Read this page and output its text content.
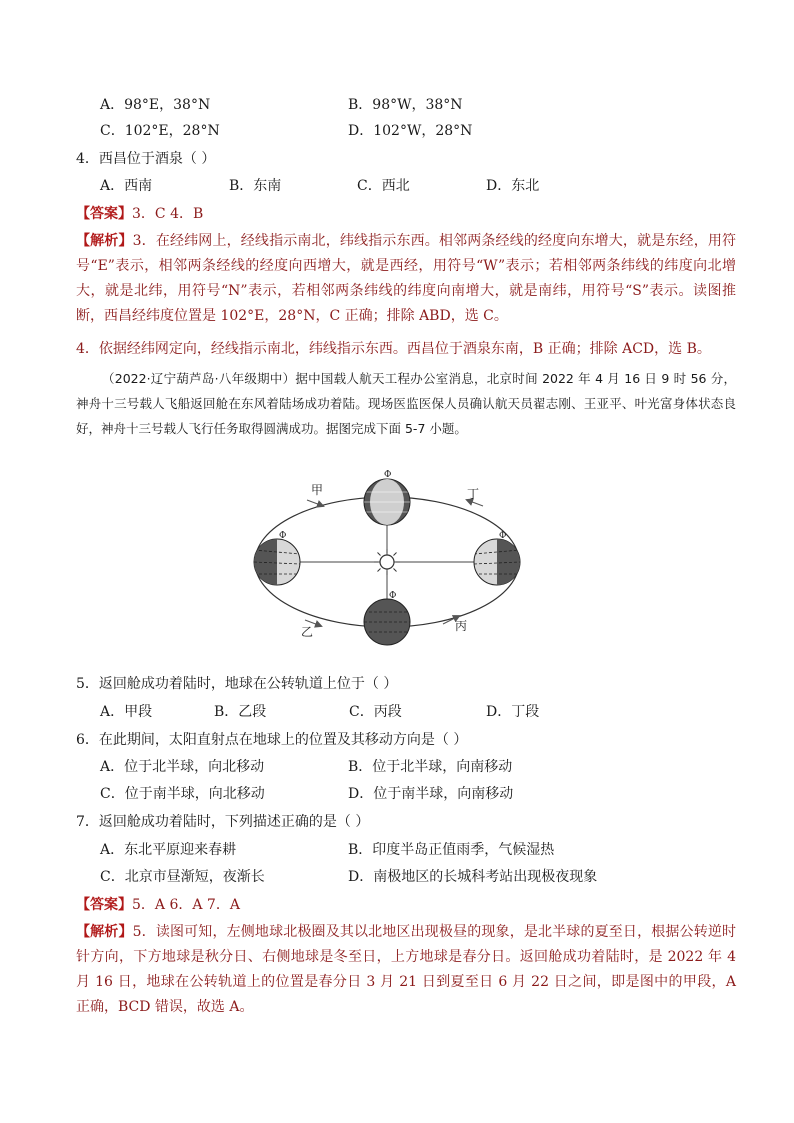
A．98°E，38°N	B．98°W，38°N
C．102°E，28°N	D．102°W，28°N
4．西昌位于酒泉（ ）
A．西南	B．东南	C．西北	D．东北
【答案】3．C 4．B
【解析】3．在经纬网上，经线指示南北，纬线指示东西。相邻两条经线的经度向东增大，就是东经，用符号“E”表示，相邻两条经线的经度向西增大，就是西经，用符号“W”表示；若相邻两条纬线的纬度向北增大，就是北纬，用符号“N”表示，若相邻两条纬线的纬度向南增大，就是南纬，用符号“S”表示。读图推断，西昌经纬度位置是 102°E，28°N，C 正确；排除 ABD，选 C。
4．依据经纬网定向，经线指示南北，纬线指示东西。西昌位于酒泉东南，B 正确；排除 ACD，选 B。
（2022·辽宁葫芦岛·八年级期中）据中国载人航天工程办公室消息，北京时间 2022 年 4 月 16 日 9 时 56 分，神舟十三号载人飞船返回舱在东风着陆场成功着陆。现场医监医保人员确认航天员翟志刚、王亚平、叶光富身体状态良好，神舟十三号载人飞行任务取得圆满成功。据图完成下面 5-7 小题。
甲	丁
乙	丙
Φ
Φ	Φ
Φ
5．返回舱成功着陆时，地球在公转轨道上位于（ ）
A．甲段	B．乙段	C．丙段	D．丁段
6．在此期间，太阳直射点在地球上的位置及其移动方向是（ ）
A．位于北半球，向北移动	B．位于北半球，向南移动
C．位于南半球，向北移动	D．位于南半球，向南移动
7．返回舱成功着陆时，下列描述正确的是（ ）
A．东北平原迎来春耕	B．印度半岛正值雨季，气候湿热
C．北京市昼渐短，夜渐长	D．南极地区的长城科考站出现极夜现象
【答案】5．A 6．A 7．A
【解析】5．读图可知，左侧地球北极圈及其以北地区出现极昼的现象，是北半球的夏至日，根据公转逆时针方向，下方地球是秋分日、右侧地球是冬至日，上方地球是春分日。返回舱成功着陆时，是 2022 年 4 月 16 日，地球在公转轨道上的位置是春分日 3 月 21 日到夏至日 6 月 22 日之间，即是图中的甲段，A 正确，BCD 错误，故选 A。
